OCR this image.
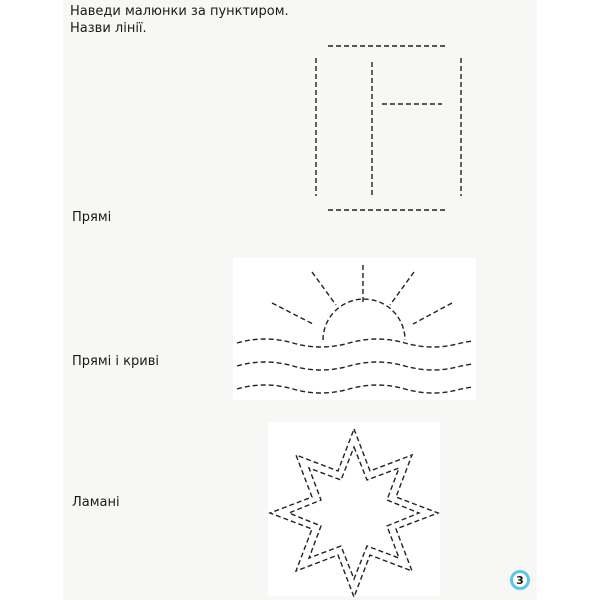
Наведи малюнки за пунктиром.
Назви лінії.
Прямі
Прямі і криві
Ламані
3
